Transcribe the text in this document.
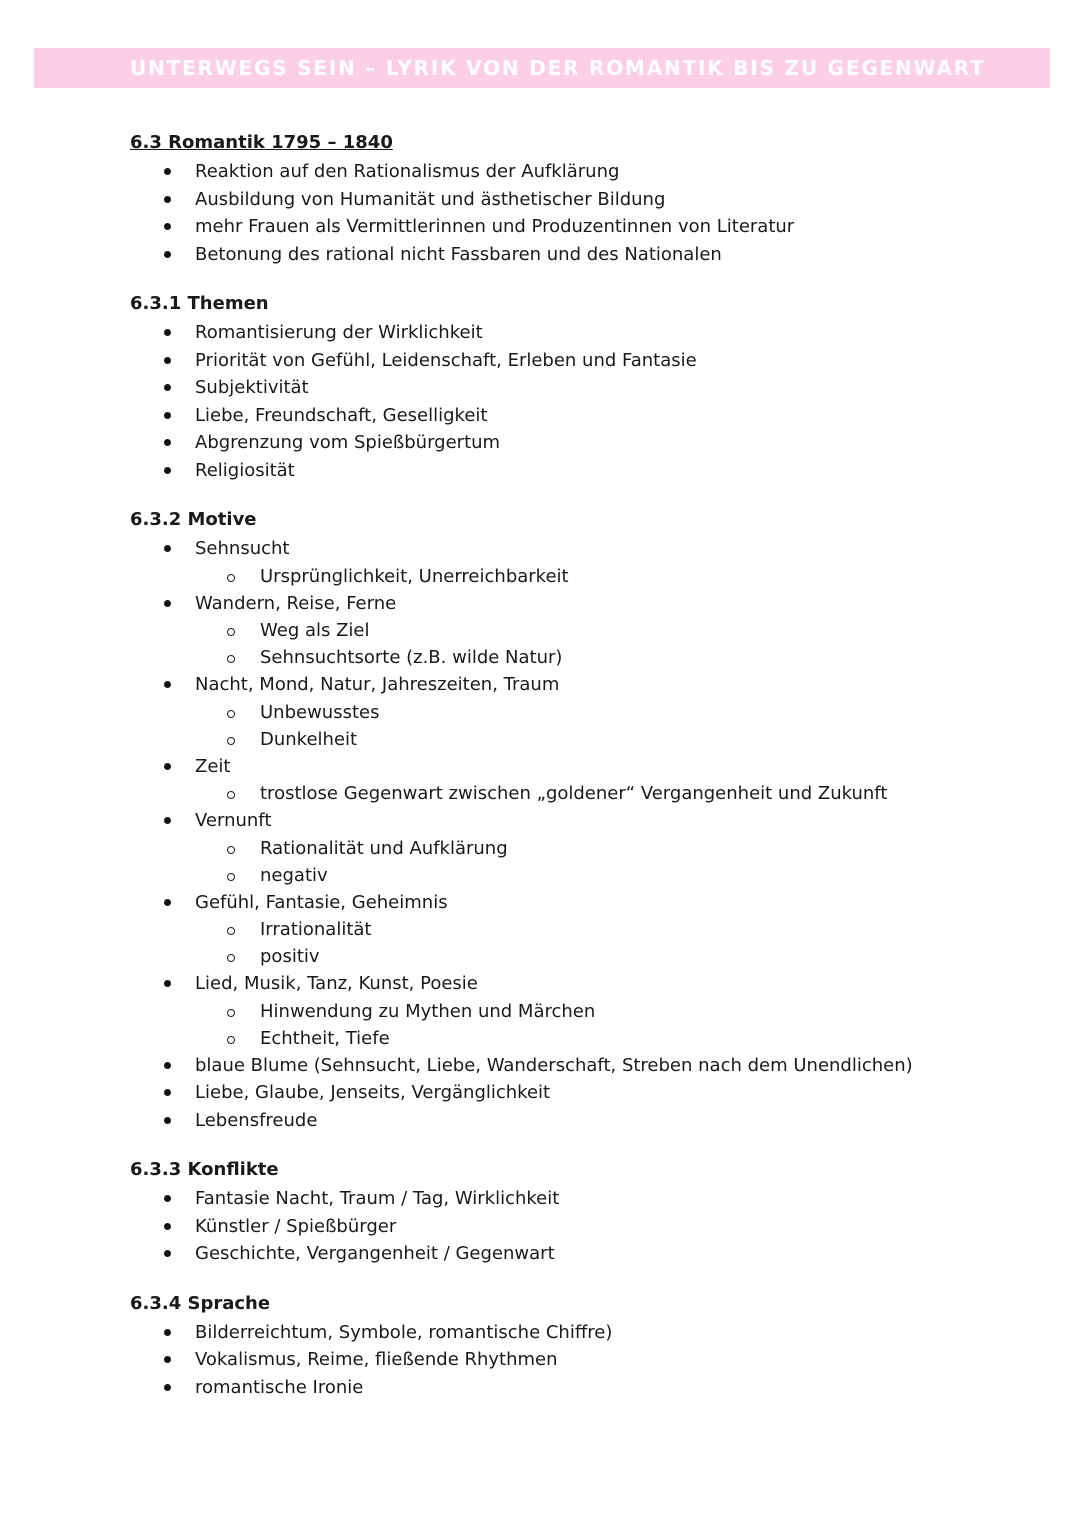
UNTERWEGS SEIN – LYRIK VON DER ROMANTIK BIS ZU GEGENWART
6.3 Romantik 1795 – 1840
Reaktion auf den Rationalismus der Aufklärung
Ausbildung von Humanität und ästhetischer Bildung
mehr Frauen als Vermittlerinnen und Produzentinnen von Literatur
Betonung des rational nicht Fassbaren und des Nationalen
6.3.1 Themen
Romantisierung der Wirklichkeit
Priorität von Gefühl, Leidenschaft, Erleben und Fantasie
Subjektivität
Liebe, Freundschaft, Geselligkeit
Abgrenzung vom Spießbürgertum
Religiosität
6.3.2 Motive
Sehnsucht
Ursprünglichkeit, Unerreichbarkeit
Wandern, Reise, Ferne
Weg als Ziel
Sehnsuchtsorte (z.B. wilde Natur)
Nacht, Mond, Natur, Jahreszeiten, Traum
Unbewusstes
Dunkelheit
Zeit
trostlose Gegenwart zwischen „goldener“ Vergangenheit und Zukunft
Vernunft
Rationalität und Aufklärung
negativ
Gefühl, Fantasie, Geheimnis
Irrationalität
positiv
Lied, Musik, Tanz, Kunst, Poesie
Hinwendung zu Mythen und Märchen
Echtheit, Tiefe
blaue Blume (Sehnsucht, Liebe, Wanderschaft, Streben nach dem Unendlichen)
Liebe, Glaube, Jenseits, Vergänglichkeit
Lebensfreude
6.3.3 Konflikte
Fantasie Nacht, Traum / Tag, Wirklichkeit
Künstler / Spießbürger
Geschichte, Vergangenheit / Gegenwart
6.3.4 Sprache
Bilderreichtum, Symbole, romantische Chiffre)
Vokalismus, Reime, fließende Rhythmen
romantische Ironie
